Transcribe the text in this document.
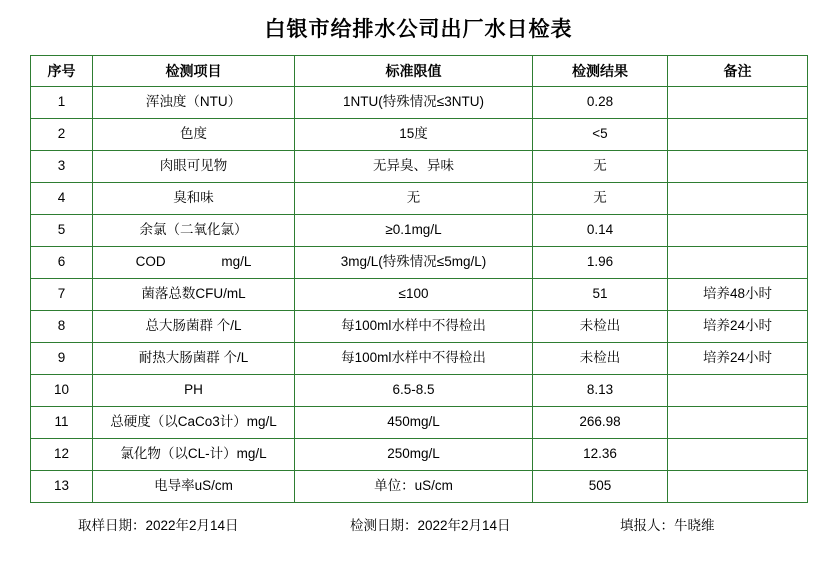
白银市给排水公司出厂水日检表
序号	检测项目	标准限值	检测结果	备注
1	浑浊度（NTU）	1NTU(特殊情况≤3NTU)	0.28	
2	色度	15度	<5	
3	肉眼可见物	无异臭、异味	无	
4	臭和味	无	无	
5	余氯（二氧化氯）	≥0.1mg/L	0.14	
6	COD mg/L	3mg/L(特殊情况≤5mg/L)	1.96	
7	菌落总数CFU/mL	≤100	51	培养48小时
8	总大肠菌群 个/L	每100ml水样中不得检出	未检出	培养24小时
9	耐热大肠菌群 个/L	每100ml水样中不得检出	未检出	培养24小时
10	PH	6.5-8.5	8.13	
11	总硬度（以CaCo3计）mg/L	450mg/L	266.98	
12	氯化物（以CL-计）mg/L	250mg/L	12.36	
13	电导率uS/cm	单位：uS/cm	505	
取样日期：2022年2月14日	检测日期：2022年2月14日	填报人：牛晓维
